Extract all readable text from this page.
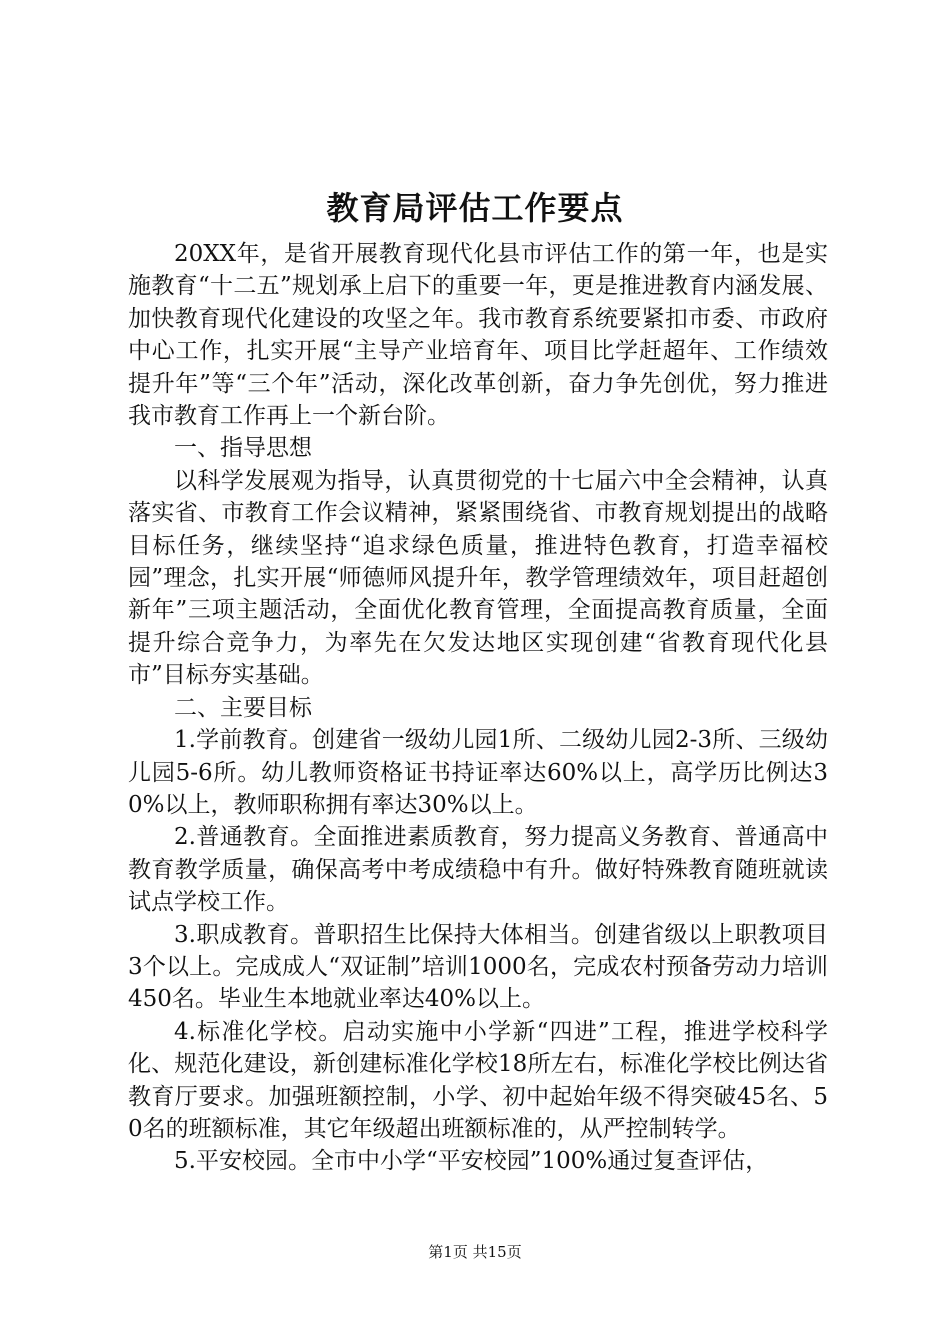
教育局评估工作要点

20XX年，是省开展教育现代化县市评估工作的第一年，也是实施教育“十二五”规划承上启下的重要一年，更是推进教育内涵发展、加快教育现代化建设的攻坚之年。我市教育系统要紧扣市委、市政府中心工作，扎实开展“主导产业培育年、项目比学赶超年、工作绩效提升年”等“三个年”活动，深化改革创新，奋力争先创优，努力推进我市教育工作再上一个新台阶。

一、指导思想

以科学发展观为指导，认真贯彻党的十七届六中全会精神，认真落实省、市教育工作会议精神，紧紧围绕省、市教育规划提出的战略目标任务，继续坚持“追求绿色质量，推进特色教育，打造幸福校园”理念，扎实开展“师德师风提升年，教学管理绩效年，项目赶超创新年”三项主题活动，全面优化教育管理，全面提高教育质量，全面提升综合竞争力，为率先在欠发达地区实现创建“省教育现代化县市”目标夯实基础。

二、主要目标

1.学前教育。创建省一级幼儿园1所、二级幼儿园2-3所、三级幼儿园5-6所。幼儿教师资格证书持证率达60%以上，高学历比例达30%以上，教师职称拥有率达30%以上。

2.普通教育。全面推进素质教育，努力提高义务教育、普通高中教育教学质量，确保高考中考成绩稳中有升。做好特殊教育随班就读试点学校工作。

3.职成教育。普职招生比保持大体相当。创建省级以上职教项目3个以上。完成成人“双证制”培训1000名，完成农村预备劳动力培训450名。毕业生本地就业率达40%以上。

4.标准化学校。启动实施中小学新“四进”工程，推进学校科学化、规范化建设，新创建标准化学校18所左右，标准化学校比例达省教育厅要求。加强班额控制，小学、初中起始年级不得突破45名、50名的班额标准，其它年级超出班额标准的，从严控制转学。

5.平安校园。全市中小学“平安校园”100%通过复查评估，

第1页 共15页
